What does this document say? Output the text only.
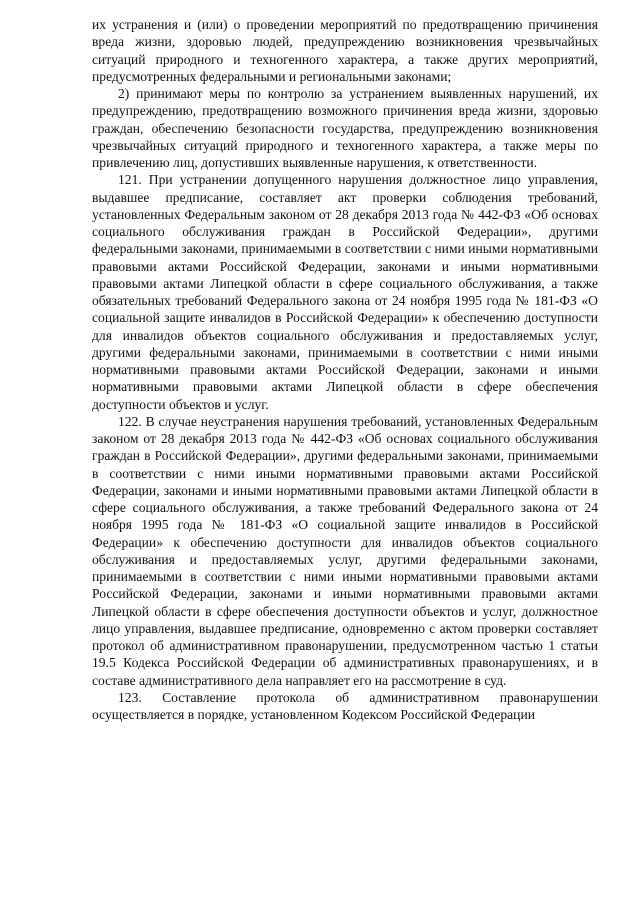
их устранения и (или) о проведении мероприятий по предотвращению причинения вреда жизни, здоровью людей, предупреждению возникновения чрезвычайных ситуаций природного и техногенного характера, а также других мероприятий, предусмотренных федеральными и региональными законами;

2) принимают меры по контролю за устранением выявленных нарушений, их предупреждению, предотвращению возможного причинения вреда жизни, здоровью граждан, обеспечению безопасности государства, предупреждению возникновения чрезвычайных ситуаций природного и техногенного характера, а также меры по привлечению лиц, допустивших выявленные нарушения, к ответственности.

121. При устранении допущенного нарушения должностное лицо управления, выдавшее предписание, составляет акт проверки соблюдения требований, установленных Федеральным законом от 28 декабря 2013 года № 442-ФЗ «Об основах социального обслуживания граждан в Российской Федерации», другими федеральными законами, принимаемыми в соответствии с ними иными нормативными правовыми актами Российской Федерации, законами и иными нормативными правовыми актами Липецкой области в сфере социального обслуживания, а также обязательных требований Федерального закона от 24 ноября 1995 года № 181-ФЗ «О социальной защите инвалидов в Российской Федерации» к обеспечению доступности для инвалидов объектов социального обслуживания и предоставляемых услуг, другими федеральными законами, принимаемыми в соответствии с ними иными нормативными правовыми актами Российской Федерации, законами и иными нормативными правовыми актами Липецкой области в сфере обеспечения доступности объектов и услуг.

122. В случае неустранения нарушения требований, установленных Федеральным законом от 28 декабря 2013 года № 442-ФЗ «Об основах социального обслуживания граждан в Российской Федерации», другими федеральными законами, принимаемыми в соответствии с ними иными нормативными правовыми актами Российской Федерации, законами и иными нормативными правовыми актами Липецкой области в сфере социального обслуживания, а также требований Федерального закона от 24 ноября 1995 года № 181-ФЗ «О социальной защите инвалидов в Российской Федерации» к обеспечению доступности для инвалидов объектов социального обслуживания и предоставляемых услуг, другими федеральными законами, принимаемыми в соответствии с ними иными нормативными правовыми актами Российской Федерации, законами и иными нормативными правовыми актами Липецкой области в сфере обеспечения доступности объектов и услуг, должностное лицо управления, выдавшее предписание, одновременно с актом проверки составляет протокол об административном правонарушении, предусмотренном частью 1 статьи 19.5 Кодекса Российской Федерации об административных правонарушениях, и в составе административного дела направляет его на рассмотрение в суд.

123. Составление протокола об административном правонарушении осуществляется в порядке, установленном Кодексом Российской Федерации
